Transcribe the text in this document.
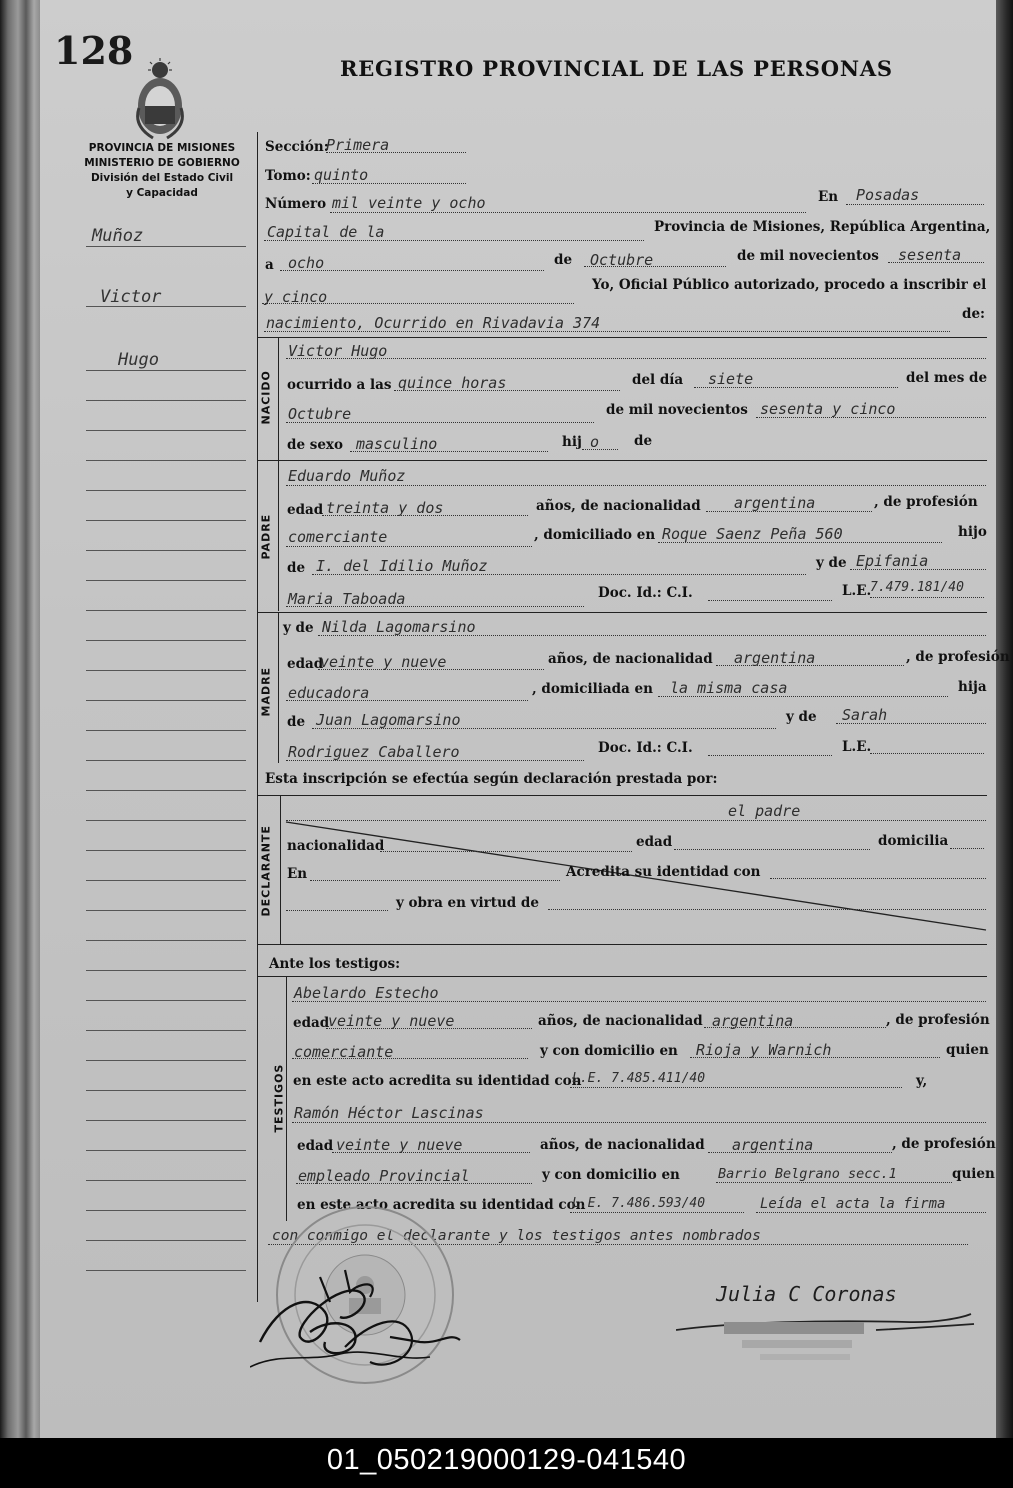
128	REGISTRO PROVINCIAL DE LAS PERSONAS
PROVINCIA DE MISIONES
MINISTERIO DE GOBIERNO
División del Estado Civil
y Capacidad
Muñoz
Victor
Hugo
Sección:
Primera
Tomo: quinto
Número mil veinte y ocho	En Posadas
Capital de la	Provincia de Misiones, República Argentina,
a ocho	de Octubre	de mil novecientos sesenta
y cinco
Yo, Oficial Público autorizado, procedo a inscribir el
nacimiento, Ocurrido en Rivadavia 374	de:
NACIDO
Victor Hugo
ocurrido a las quince horas	del día siete	del mes de
Octubre	de mil novecientos sesenta y cinco
de sexo masculino	hij o	de
PADRE
Eduardo Muñoz
edad treinta y dos	años, de nacionalidad argentina	, de profesión
comerciante	, domiciliado en Roque Saenz Peña 560	hijo
de I. del Idilio Muñoz	y de Epifania
Maria Taboada	Doc. Id.: C.I.	L.E.
7.479.181/40
MADRE
y de Nilda Lagomarsino
edad
veinte y nueve	años, de nacionalidad argentina	, de profesión
educadora	, domiciliada en la misma casa	hija
de Juan Lagomarsino	y de Sarah
Rodriguez Caballero	Doc. Id.: C.I.	L.E.
Esta inscripción se efectúa según declaración prestada por:
DECLARANTE
el padre
nacionalidad	edad	domicilia
En	Acredita su identidad con
y obra en virtud de
Ante los testigos:
TESTIGOS
Abelardo Estecho
edad
veinte y nueve	años, de nacionalidad argentina	, de profesión
comerciante	y con domicilio en Rioja y Warnich	quien
en este acto acredita su identidad con
L.E. 7.485.411/40	y,
Ramón Héctor Lascinas
edad veinte y nueve	años, de nacionalidad argentina	, de profesión
empleado Provincial	y con domicilio en	Barrio Belgrano secc.1	quien
en este acto acredita su identidad con
L.E. 7.486.593/40	Leída el acta la firma
con conmigo el declarante y los testigos antes nombrados
Julia C Coronas
01_050219000129-041540
